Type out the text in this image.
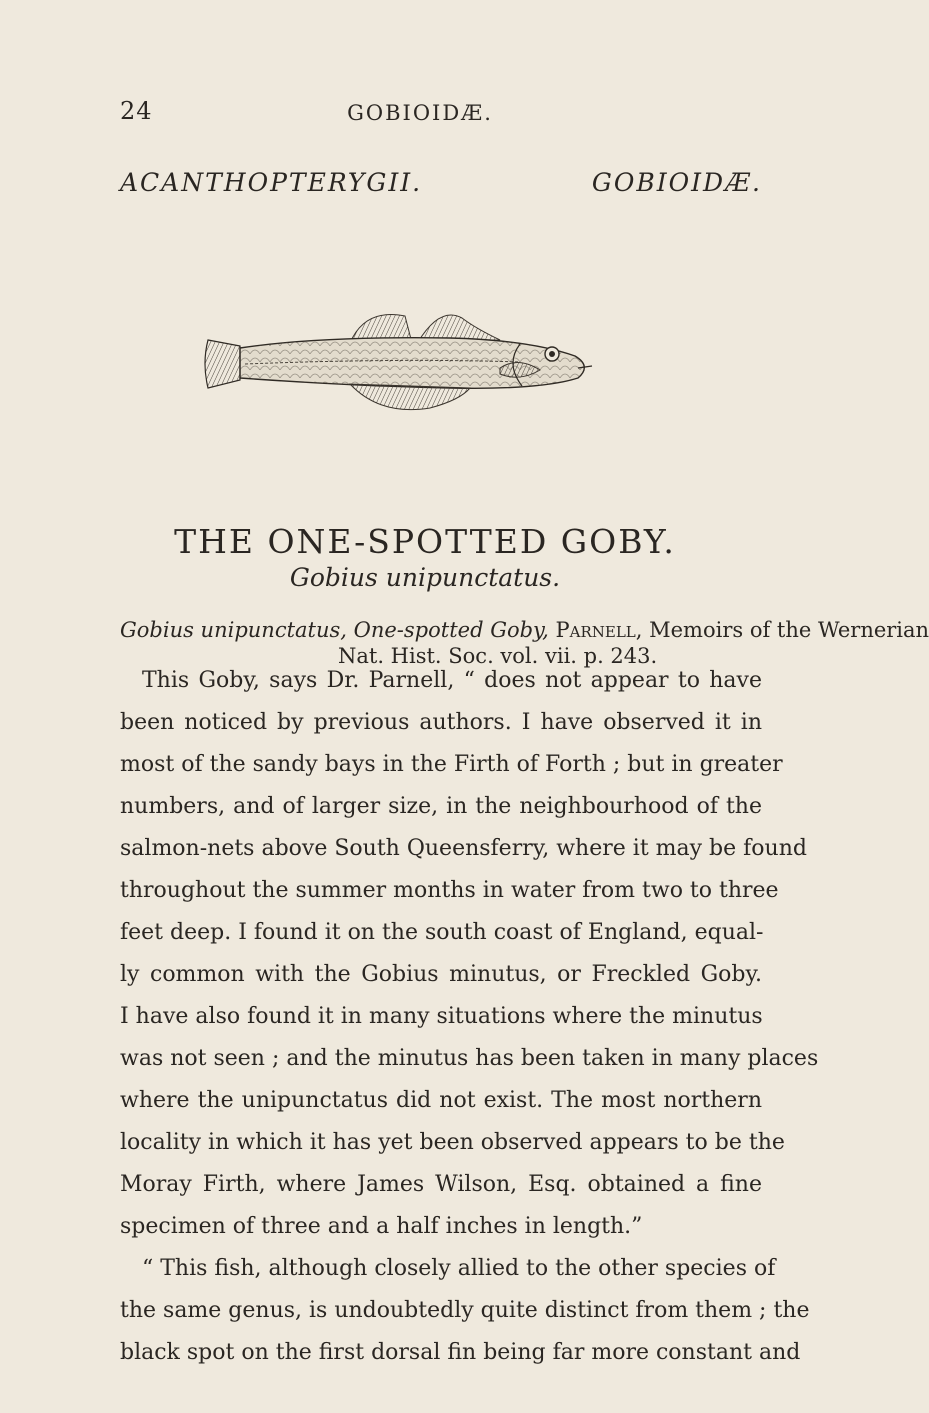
24	GOBIOIDÆ.
ACANTHOPTERYGII.	GOBIOIDÆ.
THE ONE-SPOTTED GOBY.
Gobius unipunctatus.
Gobius unipunctatus, One-spotted Goby, Parnell, Memoirs of the Wernerian
Nat. Hist. Soc. vol. vii. p. 243.
This Goby, says Dr. Parnell, “ does not appear to have
been noticed by previous authors. I have observed it in
most of the sandy bays in the Firth of Forth ; but in greater
numbers, and of larger size, in the neighbourhood of the
salmon-nets above South Queensferry, where it may be found
throughout the summer months in water from two to three
feet deep. I found it on the south coast of England, equal-
ly common with the Gobius minutus, or Freckled Goby.
I have also found it in many situations where the minutus
was not seen ; and the minutus has been taken in many places
where the unipunctatus did not exist. The most northern
locality in which it has yet been observed appears to be the
Moray Firth, where James Wilson, Esq. obtained a fine
specimen of three and a half inches in length.”
“ This fish, although closely allied to the other species of
the same genus, is undoubtedly quite distinct from them ; the
black spot on the first dorsal fin being far more constant and
